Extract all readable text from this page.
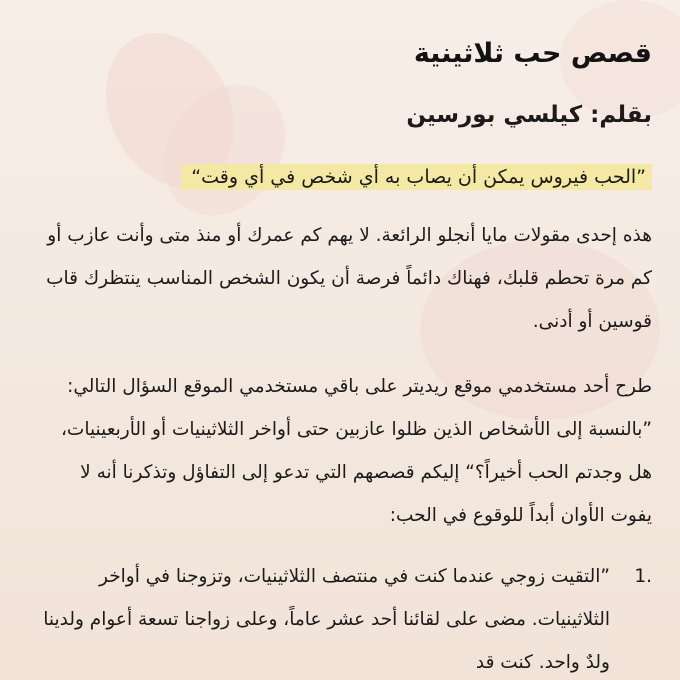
قصص حب ثلاثينية
بقلم: كيلسي بورسين
”الحب فيروس يمكن أن يصاب به أي شخص في أي وقت“

هذه إحدى مقولات مايا أنجلو الرائعة. لا يهم كم عمرك أو منذ متى وأنت عازب أو كم مرة تحطم قلبك، فهناك دائماً فرصة أن يكون الشخص المناسب ينتظرك قاب قوسين أو أدنى.

طرح أحد مستخدمي موقع ريديتر على باقي مستخدمي الموقع السؤال التالي: ”بالنسبة إلى الأشخاص الذين ظلوا عازبين حتى أواخر الثلاثينيات أو الأربعينيات، هل وجدتم الحب أخيراً؟“ إليكم قصصهم التي تدعو إلى التفاؤل وتذكرنا أنه لا يفوت الأوان أبداً للوقوع في الحب:

1.
”التقيت زوجي عندما كنت في منتصف الثلاثينيات، وتزوجنا في أواخر الثلاثينيات. مضى على لقائنا أحد عشر عاماً، وعلى زواجنا تسعة أعوام ولدينا ولدٌ واحد. كنت قد
